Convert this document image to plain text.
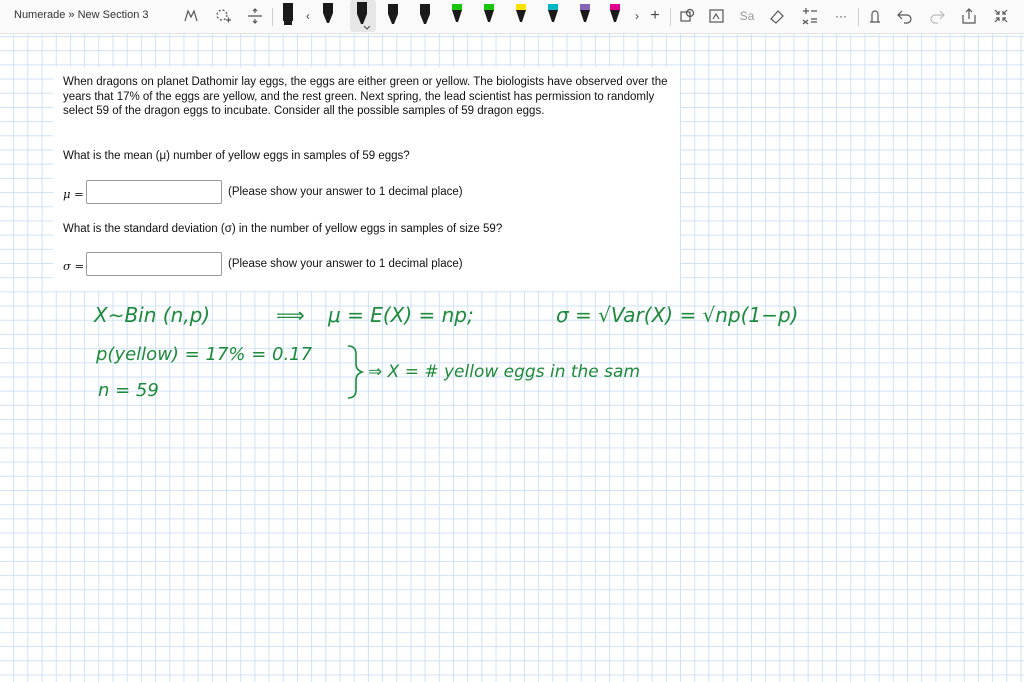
Numerade » New Section 3	‹	› +	Sa	···

When dragons on planet Dathomir lay eggs, the eggs are either green or yellow. The biologists have observed over the years that 17% of the eggs are yellow, and the rest green. Next spring, the lead scientist has permission to randomly select 59 of the dragon eggs to incubate. Consider all the possible samples of 59 dragon eggs.

What is the mean (μ) number of yellow eggs in samples of 59 eggs?
μ =	(Please show your answer to 1 decimal place)
What is the standard deviation (σ) in the number of yellow eggs in samples of size 59?
σ =	(Please show your answer to 1 decimal place)
X∼Bin (n,p)	⟹ μ = E(X) = np;	σ = √Var(X) = √np(1−p)
p(yellow) = 17% = 0.17
n = 59
⇒ X = # yellow eggs in the sam
